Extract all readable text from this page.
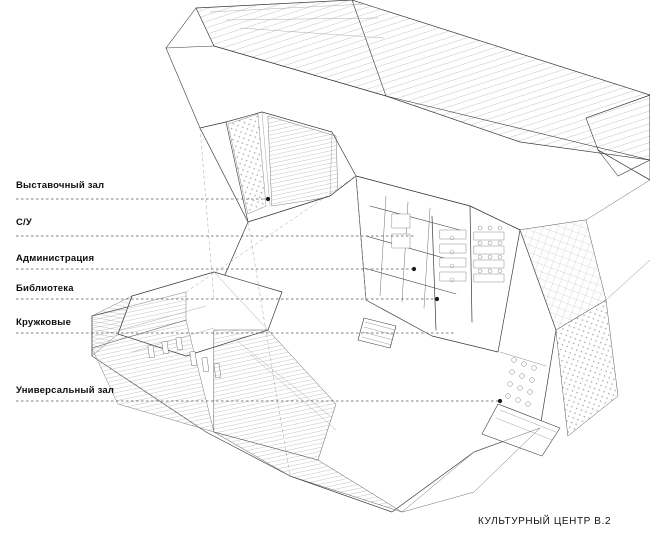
Выставочный зал
С/У
Администрация
Библиотека
Кружковые
Универсальный зал
КУЛЬТУРНЫЙ ЦЕНТР В.2
